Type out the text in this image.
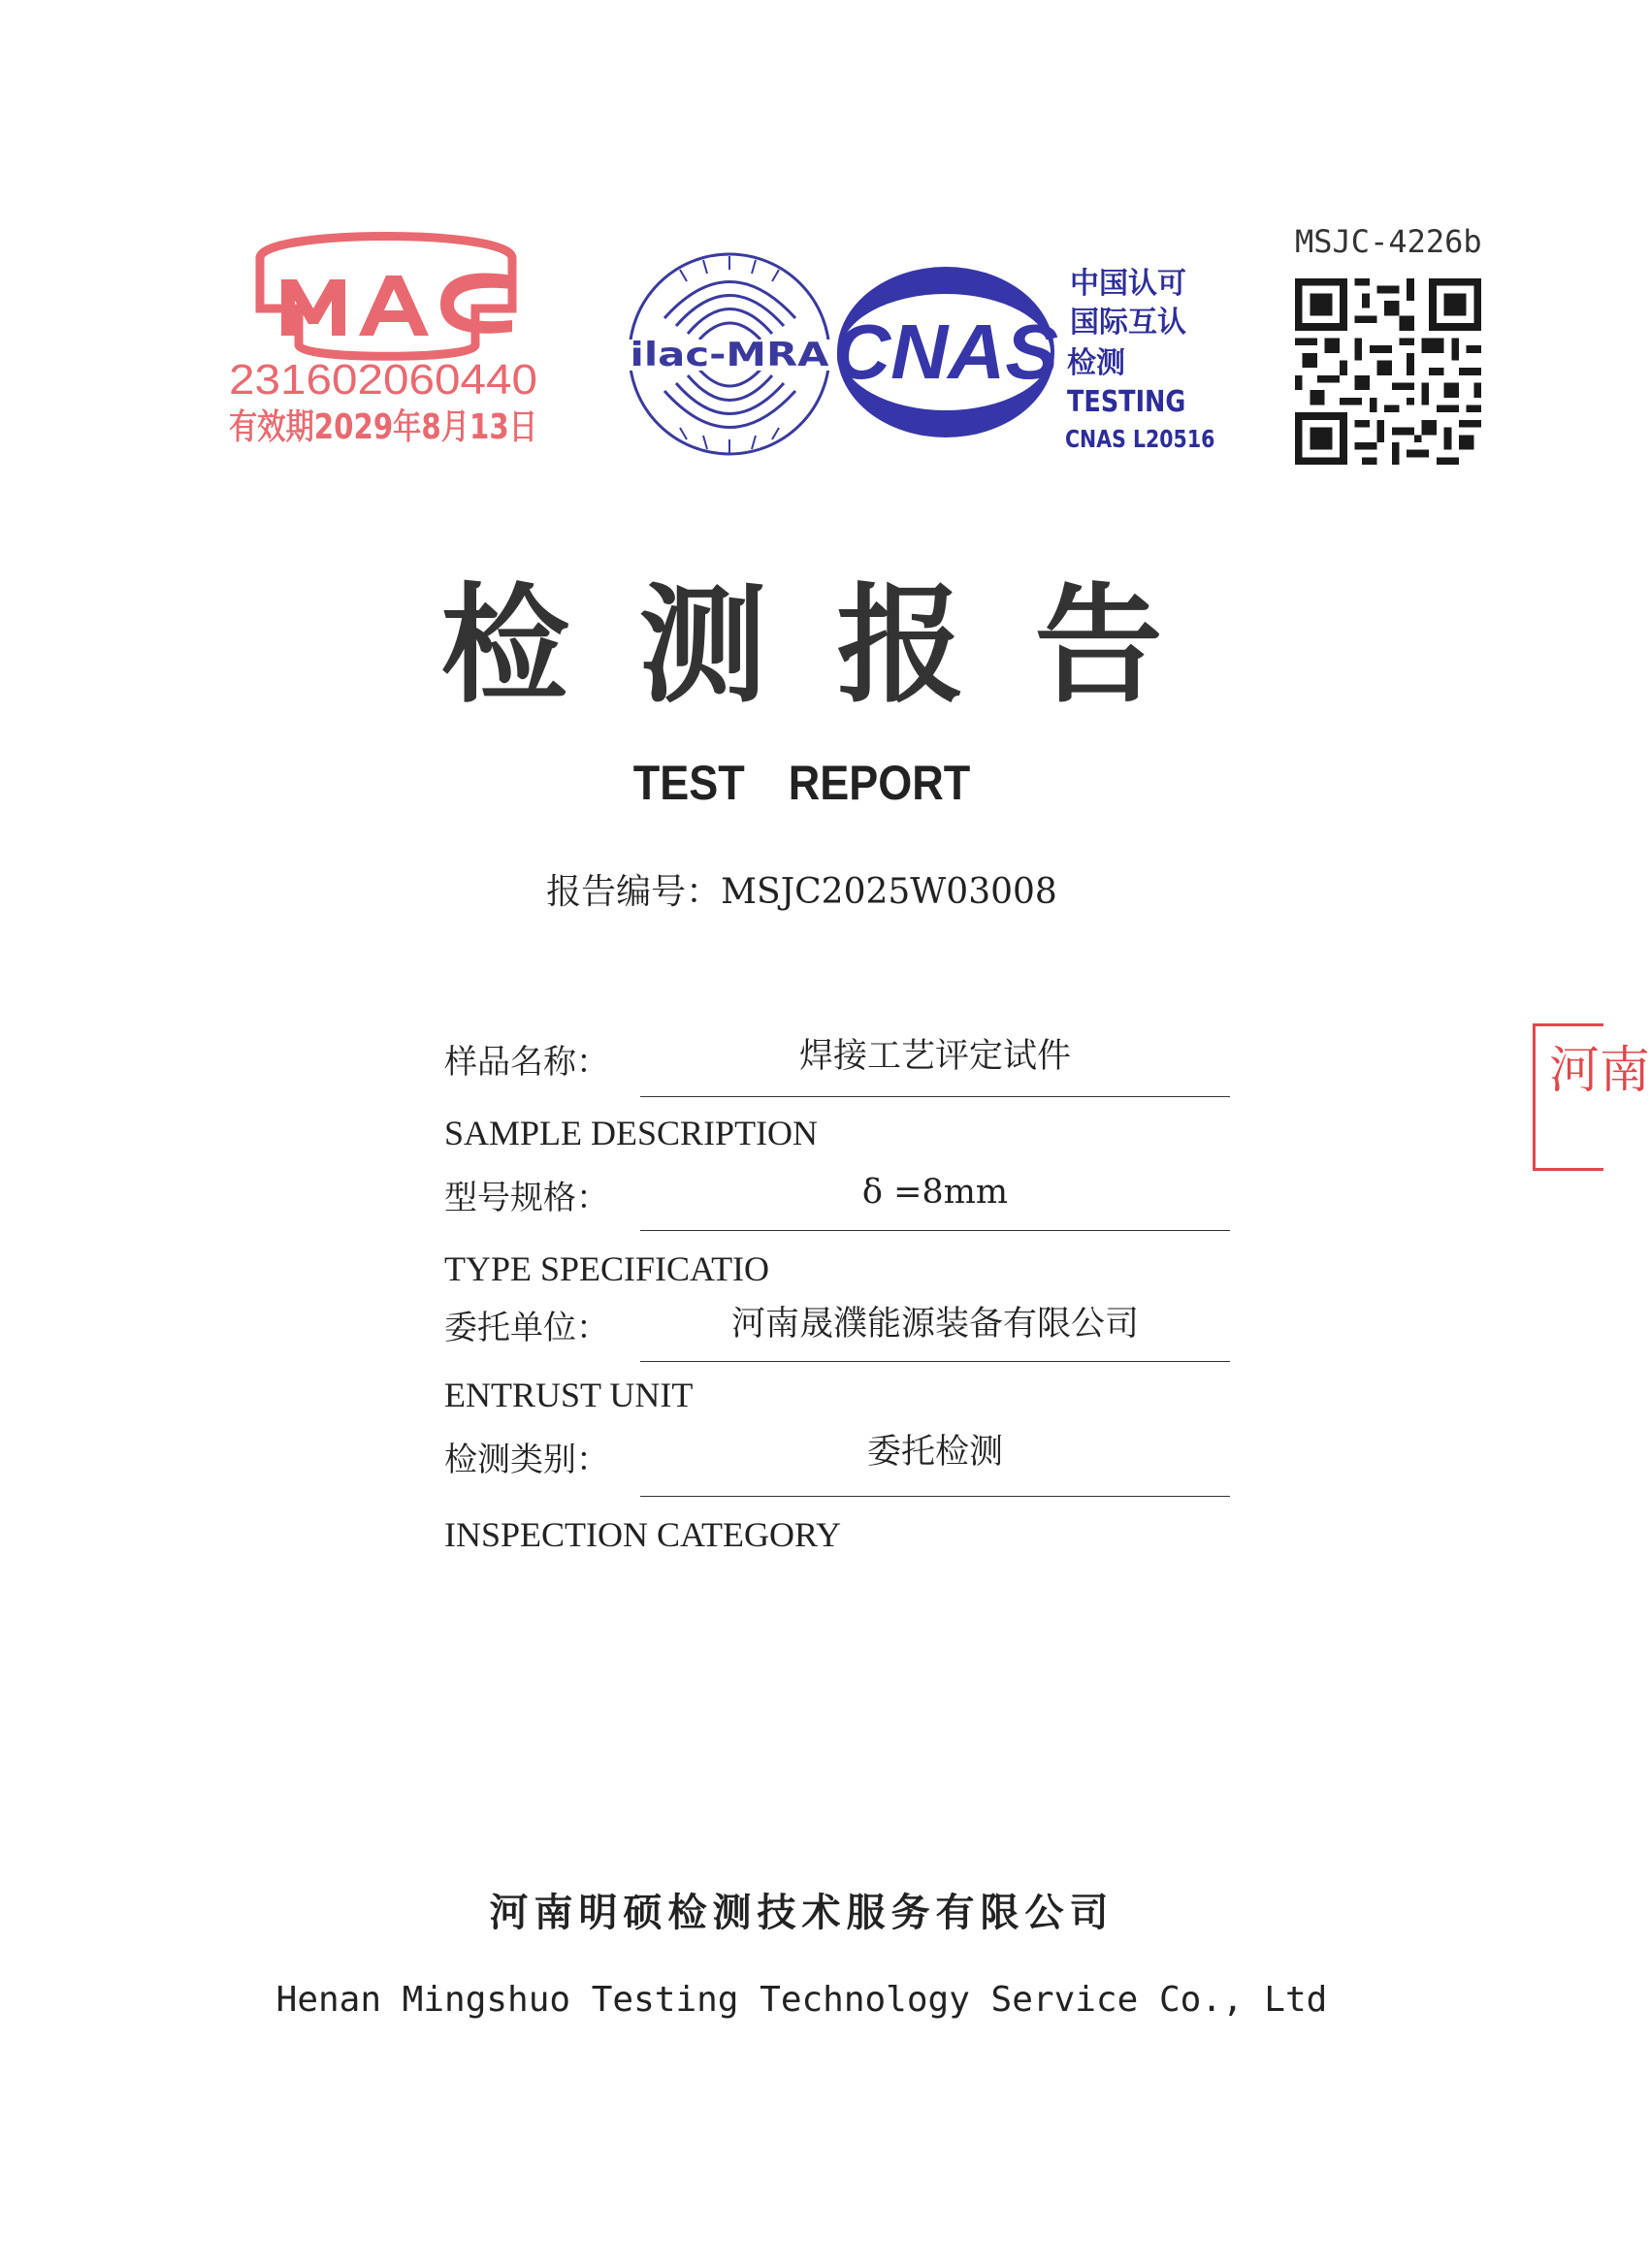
231602060440
有效期2029年8月13日
ilac-MRA CNAS
中国认可
国际互认
检测
TESTING
CNAS L20516
MSJC-4226b
检测报告
TEST REPORT
报告编号：MSJC2025W03008
样品名称：	焊接工艺评定试件
SAMPLE DESCRIPTION
型号规格：	δ =8mm
TYPE SPECIFICATIO
委托单位：	河南晟濮能源装备有限公司
ENTRUST UNIT
检测类别：	委托检测
INSPECTION CATEGORY
河南明硕检测技术服务有限公司
Henan Mingshuo Testing Technology Service Co., Ltd
河南
